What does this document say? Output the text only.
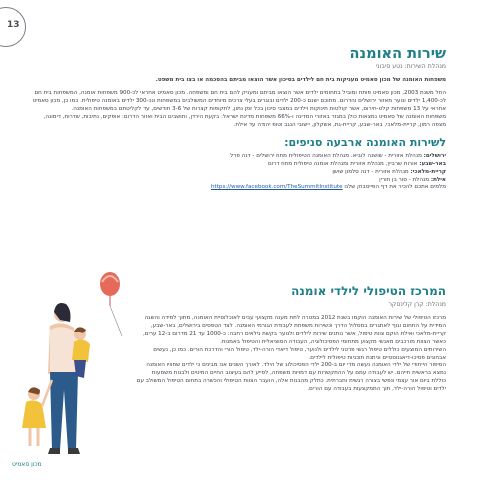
13
שירות האומנה
מנהלת השירות: נטע סיבוני

משפחות האומנה של מכון סאמיט מעניקות בית חם לילדים בסיכון אשר הוצאו מביתם בהסכמה או בצו בית משפט.

החל משנת 2003, מכון סאמיט פותח ומוביל בתחומים ילדים אשר הוצאו מביתם ומעניק להם בית חם ומשפחה. מכון סאמיט אחראי לכ-900 משפחות אומנה, המשפחות בית חם לכ-1,400 ילדים ונוער מאזור ירושלים והדרום. מתוכם ישנם כ-200 ילדים ובוגרים בעלי צרכים מיוחדים המשולבים במשפחות ונכ-300 ילדים באומנה טיפולית. כמו כן, מכון סאמיט אחראי על 13 משפחות קלט-חירום, אשר קולטות תינוקות וילדים במצבי סיכון בכל זמן נתון, לתקופות קצרות של 3-6 חודשים, עד לקליטתם במשפחות האומנה.

משפחות האומנה של סאמיט נמצאות כולן במגזר באזורי המדינה ו-66% משפחות מדינת ישראל: בקעת הירדן, ותושבים הבית ואזור הדרום: אופקים, נתיבות, שדרות, דימונה, מצפה רמון, קריית-מלאכי, באר-שבע, קריית-גת, אשקלון, יישובי הנגב וטופ יהודה עד אילת.

לשירות האומנה ארבעה סניפים:

ירושלים: מנהלת אזורית - שושנה לוביא. מנהלת האומנה הטיפולית מחוז ירושלים - דנה פרל

באר-שבע: אורות שרביץ, מנהלת אזורית ומנהלת אומנה טיפולית מחוז דרום

קריית-מלאכי: מנהלת אזורית - דנה סלמון שושן

אילת: מנהלת - סור בן חורין

מלמים אתכם להכיר את דף הפייסבוק שלנו https://www.facebook.com/TheSummitInstitute

המרכז הטיפולי לילדי אומנה
מנהלת: קרן קלינסקר

מרכזו הטיפולי של שירות האומנה הוקמו בשנת 2012 במטרה לתת מענה מקצועי עבים לאוכלוסיית האומנה, מתוך למידה והשגה המידית על התחום וגוף לאתגרים במסלול הדרך וכשירות משפחת לעבודת הגורמי האומנה. לצד הטפסים בירושלים, באר-שבע, קריית-מלאכי ואילת הוקם צוות טיפול, אשר נותנים שירות לילדים ולנוער בקשת גילאים רחבה: כ-1000 עד 21 מדרום ב-12 ערים, כאשר הצוות מורכבים מאנשי מקצוע מתחומי הפסיכולוגיה, העבודה הסוציאלית והטיפול באמנות.

השירותים המוצעים כוללים טיפול רגשי פרטני לילדים ולנוער, טיפול דיאדי הורה-ילד, טיפול הורי והדרכת הורים. כמו כן, נעשים אבחונים פסיכו-דיאגנוסטיים וניתנת תוכניות טיפולית לילדים.

הסיפור הייחודי של ילדי האומנה נעשה מדי יום ב-200 ילדי הפסיכולוג של הילד. לאורך השנים אנו מבינים כי ילדים שחוויו האומנה נמצא בראשית חייהם. יש לעבודה עמם על ההתקשרות עם דמויות משפחה, לסייע להם בעיצוב החיים המיטים ולבנות משמעות כוללת ביום אור עצמי ונפשי בצורה רגשית וחברתית. כתלק מהבנות אלה, הועבר הצוות הטיפולי והכשרה בתחום הטיפול המשולב עם ילדים וטיפול הורה-ילד, תוך התמקצעות בעבודה עם הורים.

מכון סאמיט
